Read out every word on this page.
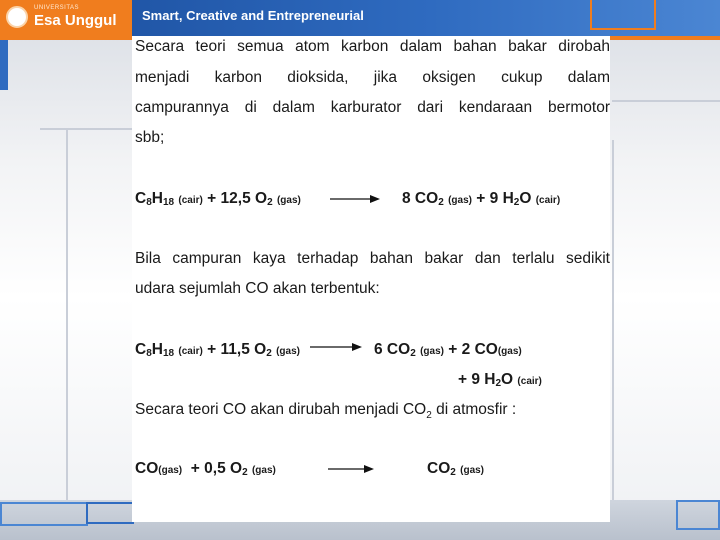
UNIVERSITAS
Esa Unggul Smart, Creative and Entrepreneurial
Secara teori semua atom karbon dalam bahan bakar dirobah
menjadi karbon dioksida, jika oksigen cukup dalam
campurannya di dalam karburator dari kendaraan bermotor
sbb;
$C_8H_{18}$ (cair) + 12,5 $O_2$ (gas) → 8 $CO_2$ (gas) + 9 $H_2O$ (cair)
Bila campuran kaya terhadap bahan bakar dan terlalu sedikit
udara sejumlah CO akan terbentuk:
$C_8H_{18}$ (cair) + 11,5 $O_2$ (gas) → 6 $CO_2$ (gas) + 2 CO(gas)
+ 9 $H_2O$ (cair)
Secara teori CO akan dirubah menjadi $CO_2$ di atmosfir :
CO(gas) + 0,5 $O_2$ (gas)	$CO_2$ (gas)
